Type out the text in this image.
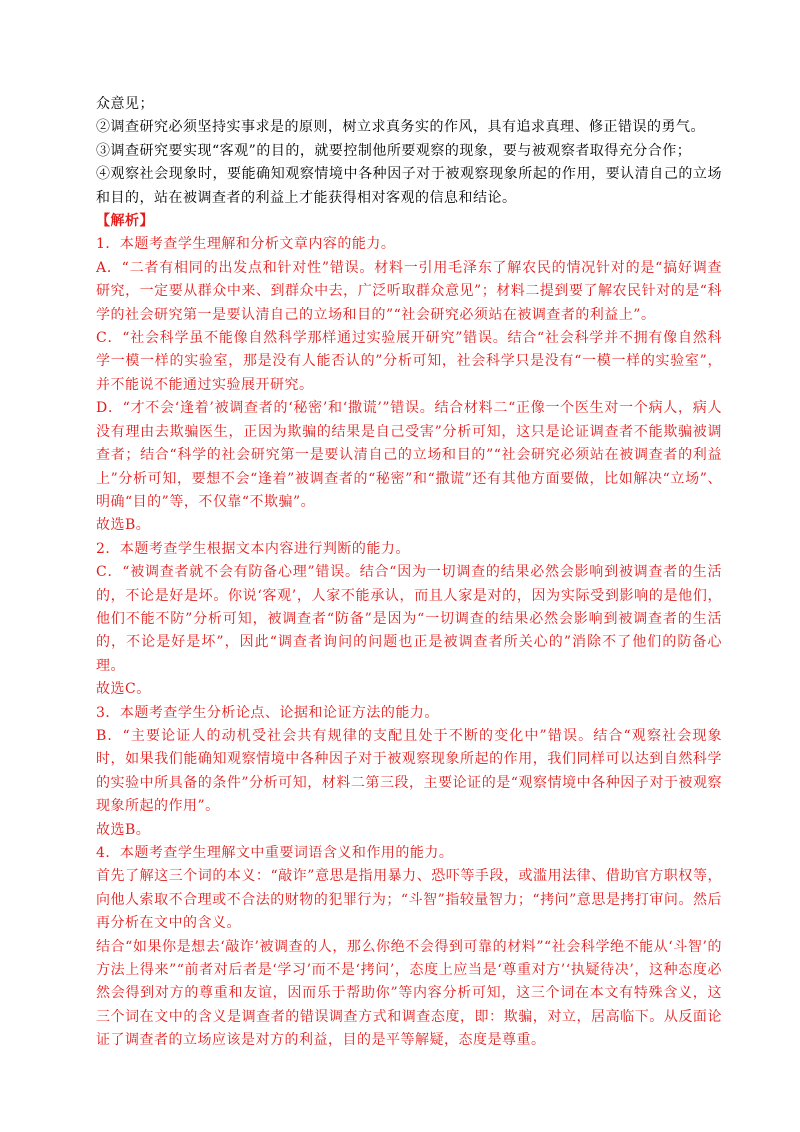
众意见；

②调查研究必须坚持实事求是的原则，树立求真务实的作风，具有追求真理、修正错误的勇气。

③调查研究要实现“客观”的目的，就要控制他所要观察的现象，要与被观察者取得充分合作；

④观察社会现象时，要能确知观察情境中各种因子对于被观察现象所起的作用，要认清自己的立场和目的，站在被调查者的利益上才能获得相对客观的信息和结论。

【解析】

1．本题考查学生理解和分析文章内容的能力。

A．“二者有相同的出发点和针对性”错误。材料一引用毛泽东了解农民的情况针对的是“搞好调查研究，一定要从群众中来、到群众中去，广泛听取群众意见”；材料二提到要了解农民针对的是“科学的社会研究第一是要认清自己的立场和目的”“社会研究必须站在被调查者的利益上”。

C．“社会科学虽不能像自然科学那样通过实验展开研究”错误。结合“社会科学并不拥有像自然科学一模一样的实验室，那是没有人能否认的”分析可知，社会科学只是没有“一模一样的实验室”，并不能说不能通过实验展开研究。

D．“才不会‘逢着’被调查者的‘秘密’和‘撒谎’”错误。结合材料二“正像一个医生对一个病人，病人没有理由去欺骗医生，正因为欺骗的结果是自己受害”分析可知，这只是论证调查者不能欺骗被调查者；结合“科学的社会研究第一是要认清自己的立场和目的”“社会研究必须站在被调查者的利益上”分析可知，要想不会“逢着”被调查者的“秘密”和“撒谎”还有其他方面要做，比如解决“立场”、明确“目的”等，不仅靠“不欺骗”。

故选B。

2．本题考查学生根据文本内容进行判断的能力。

C．“被调查者就不会有防备心理”错误。结合“因为一切调查的结果必然会影响到被调查者的生活的，不论是好是坏。你说‘客观’，人家不能承认，而且人家是对的，因为实际受到影响的是他们，他们不能不防”分析可知，被调查者“防备”是因为“一切调查的结果必然会影响到被调查者的生活的，不论是好是坏”，因此“调查者询问的问题也正是被调查者所关心的”消除不了他们的防备心理。

故选C。

3．本题考查学生分析论点、论据和论证方法的能力。

B．“主要论证人的动机受社会共有规律的支配且处于不断的变化中”错误。结合“观察社会现象时，如果我们能确知观察情境中各种因子对于被观察现象所起的作用，我们同样可以达到自然科学的实验中所具备的条件”分析可知，材料二第三段，主要论证的是“观察情境中各种因子对于被观察现象所起的作用”。

故选B。

4．本题考查学生理解文中重要词语含义和作用的能力。

首先了解这三个词的本义：“敲诈”意思是指用暴力、恐吓等手段，或滥用法律、借助官方职权等，向他人索取不合理或不合法的财物的犯罪行为；“斗智”指较量智力；“拷问”意思是拷打审问。然后再分析在文中的含义。

结合“如果你是想去‘敲诈’被调查的人，那么你绝不会得到可靠的材料”“社会科学绝不能从‘斗智’的方法上得来”“前者对后者是‘学习’而不是‘拷问’，态度上应当是‘尊重对方’‘执疑待决’，这种态度必然会得到对方的尊重和友谊，因而乐于帮助你”等内容分析可知，这三个词在本文有特殊含义，这三个词在文中的含义是调查者的错误调查方式和调查态度，即：欺骗，对立，居高临下。从反面论证了调查者的立场应该是对方的利益，目的是平等解疑，态度是尊重。
